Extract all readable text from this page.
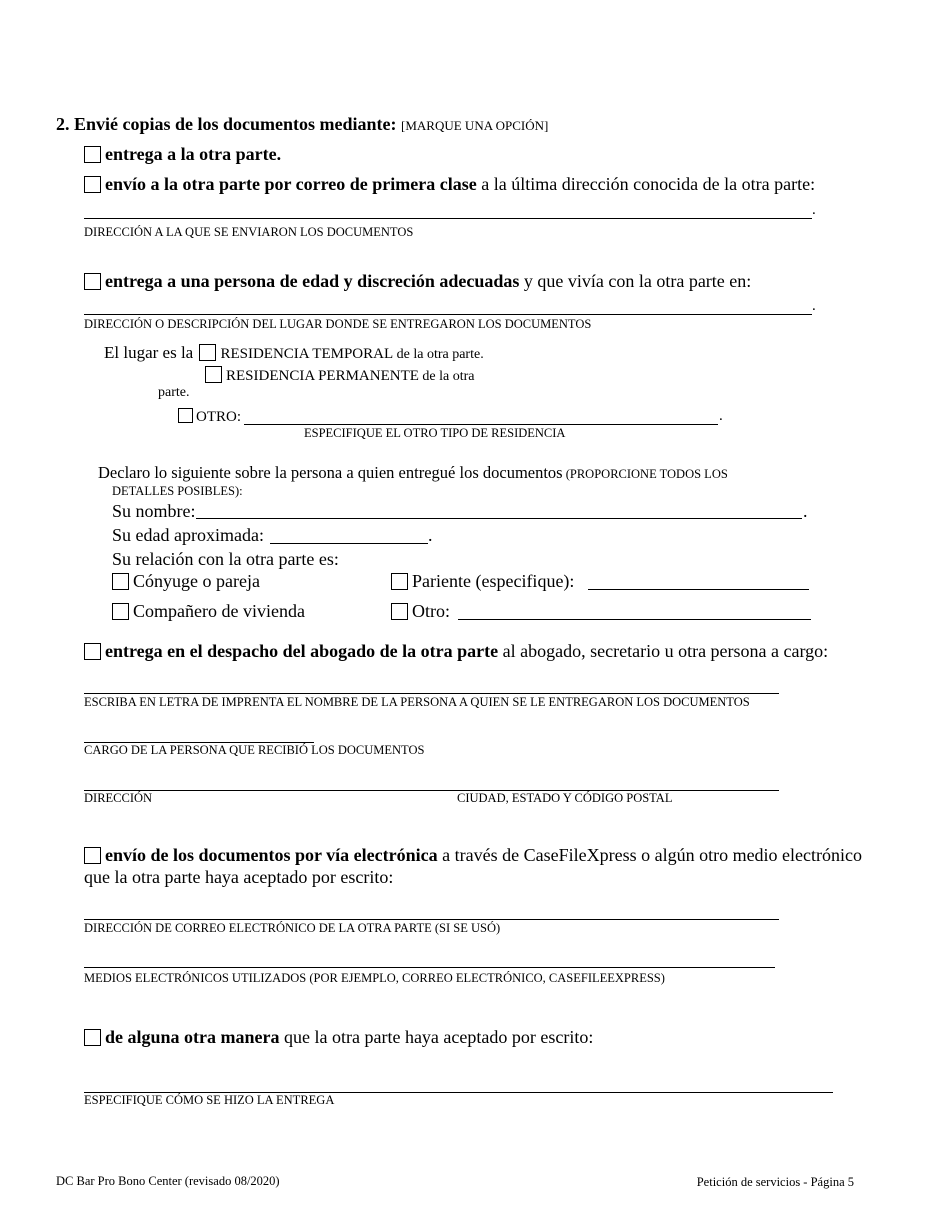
2. Envié copias de los documentos mediante: [MARQUE UNA OPCIÓN]
entrega a la otra parte.
envío a la otra parte por correo de primera clase a la última dirección conocida de la otra parte:
.
DIRECCIÓN A LA QUE SE ENVIARON LOS DOCUMENTOS
entrega a una persona de edad y discreción adecuadas y que vivía con la otra parte en:
.
DIRECCIÓN O DESCRIPCIÓN DEL LUGAR DONDE SE ENTREGARON LOS DOCUMENTOS
El lugar es la RESIDENCIA TEMPORAL de la otra parte.
RESIDENCIA PERMANENTE de la otra
parte.
OTRO:	.
ESPECIFIQUE EL OTRO TIPO DE RESIDENCIA
Declaro lo siguiente sobre la persona a quien entregué los documentos (PROPORCIONE TODOS LOS
DETALLES POSIBLES):
Su nombre:	.
Su edad aproximada:	.
Su relación con la otra parte es:
Cónyuge o pareja	Pariente (especifique):
Compañero de vivienda	Otro:
entrega en el despacho del abogado de la otra parte al abogado, secretario u otra persona a cargo:
ESCRIBA EN LETRA DE IMPRENTA EL NOMBRE DE LA PERSONA A QUIEN SE LE ENTREGARON LOS DOCUMENTOS
CARGO DE LA PERSONA QUE RECIBIÓ LOS DOCUMENTOS
DIRECCIÓN	CIUDAD, ESTADO Y CÓDIGO POSTAL
envío de los documentos por vía electrónica a través de CaseFileXpress o algún otro medio electrónico
que la otra parte haya aceptado por escrito:
DIRECCIÓN DE CORREO ELECTRÓNICO DE LA OTRA PARTE (SI SE USÓ)
MEDIOS ELECTRÓNICOS UTILIZADOS (POR EJEMPLO, CORREO ELECTRÓNICO, CASEFILEEXPRESS)
de alguna otra manera que la otra parte haya aceptado por escrito:
ESPECIFIQUE CÓMO SE HIZO LA ENTREGA
DC Bar Pro Bono Center (revisado 08/2020)	Petición de servicios - Página 5
